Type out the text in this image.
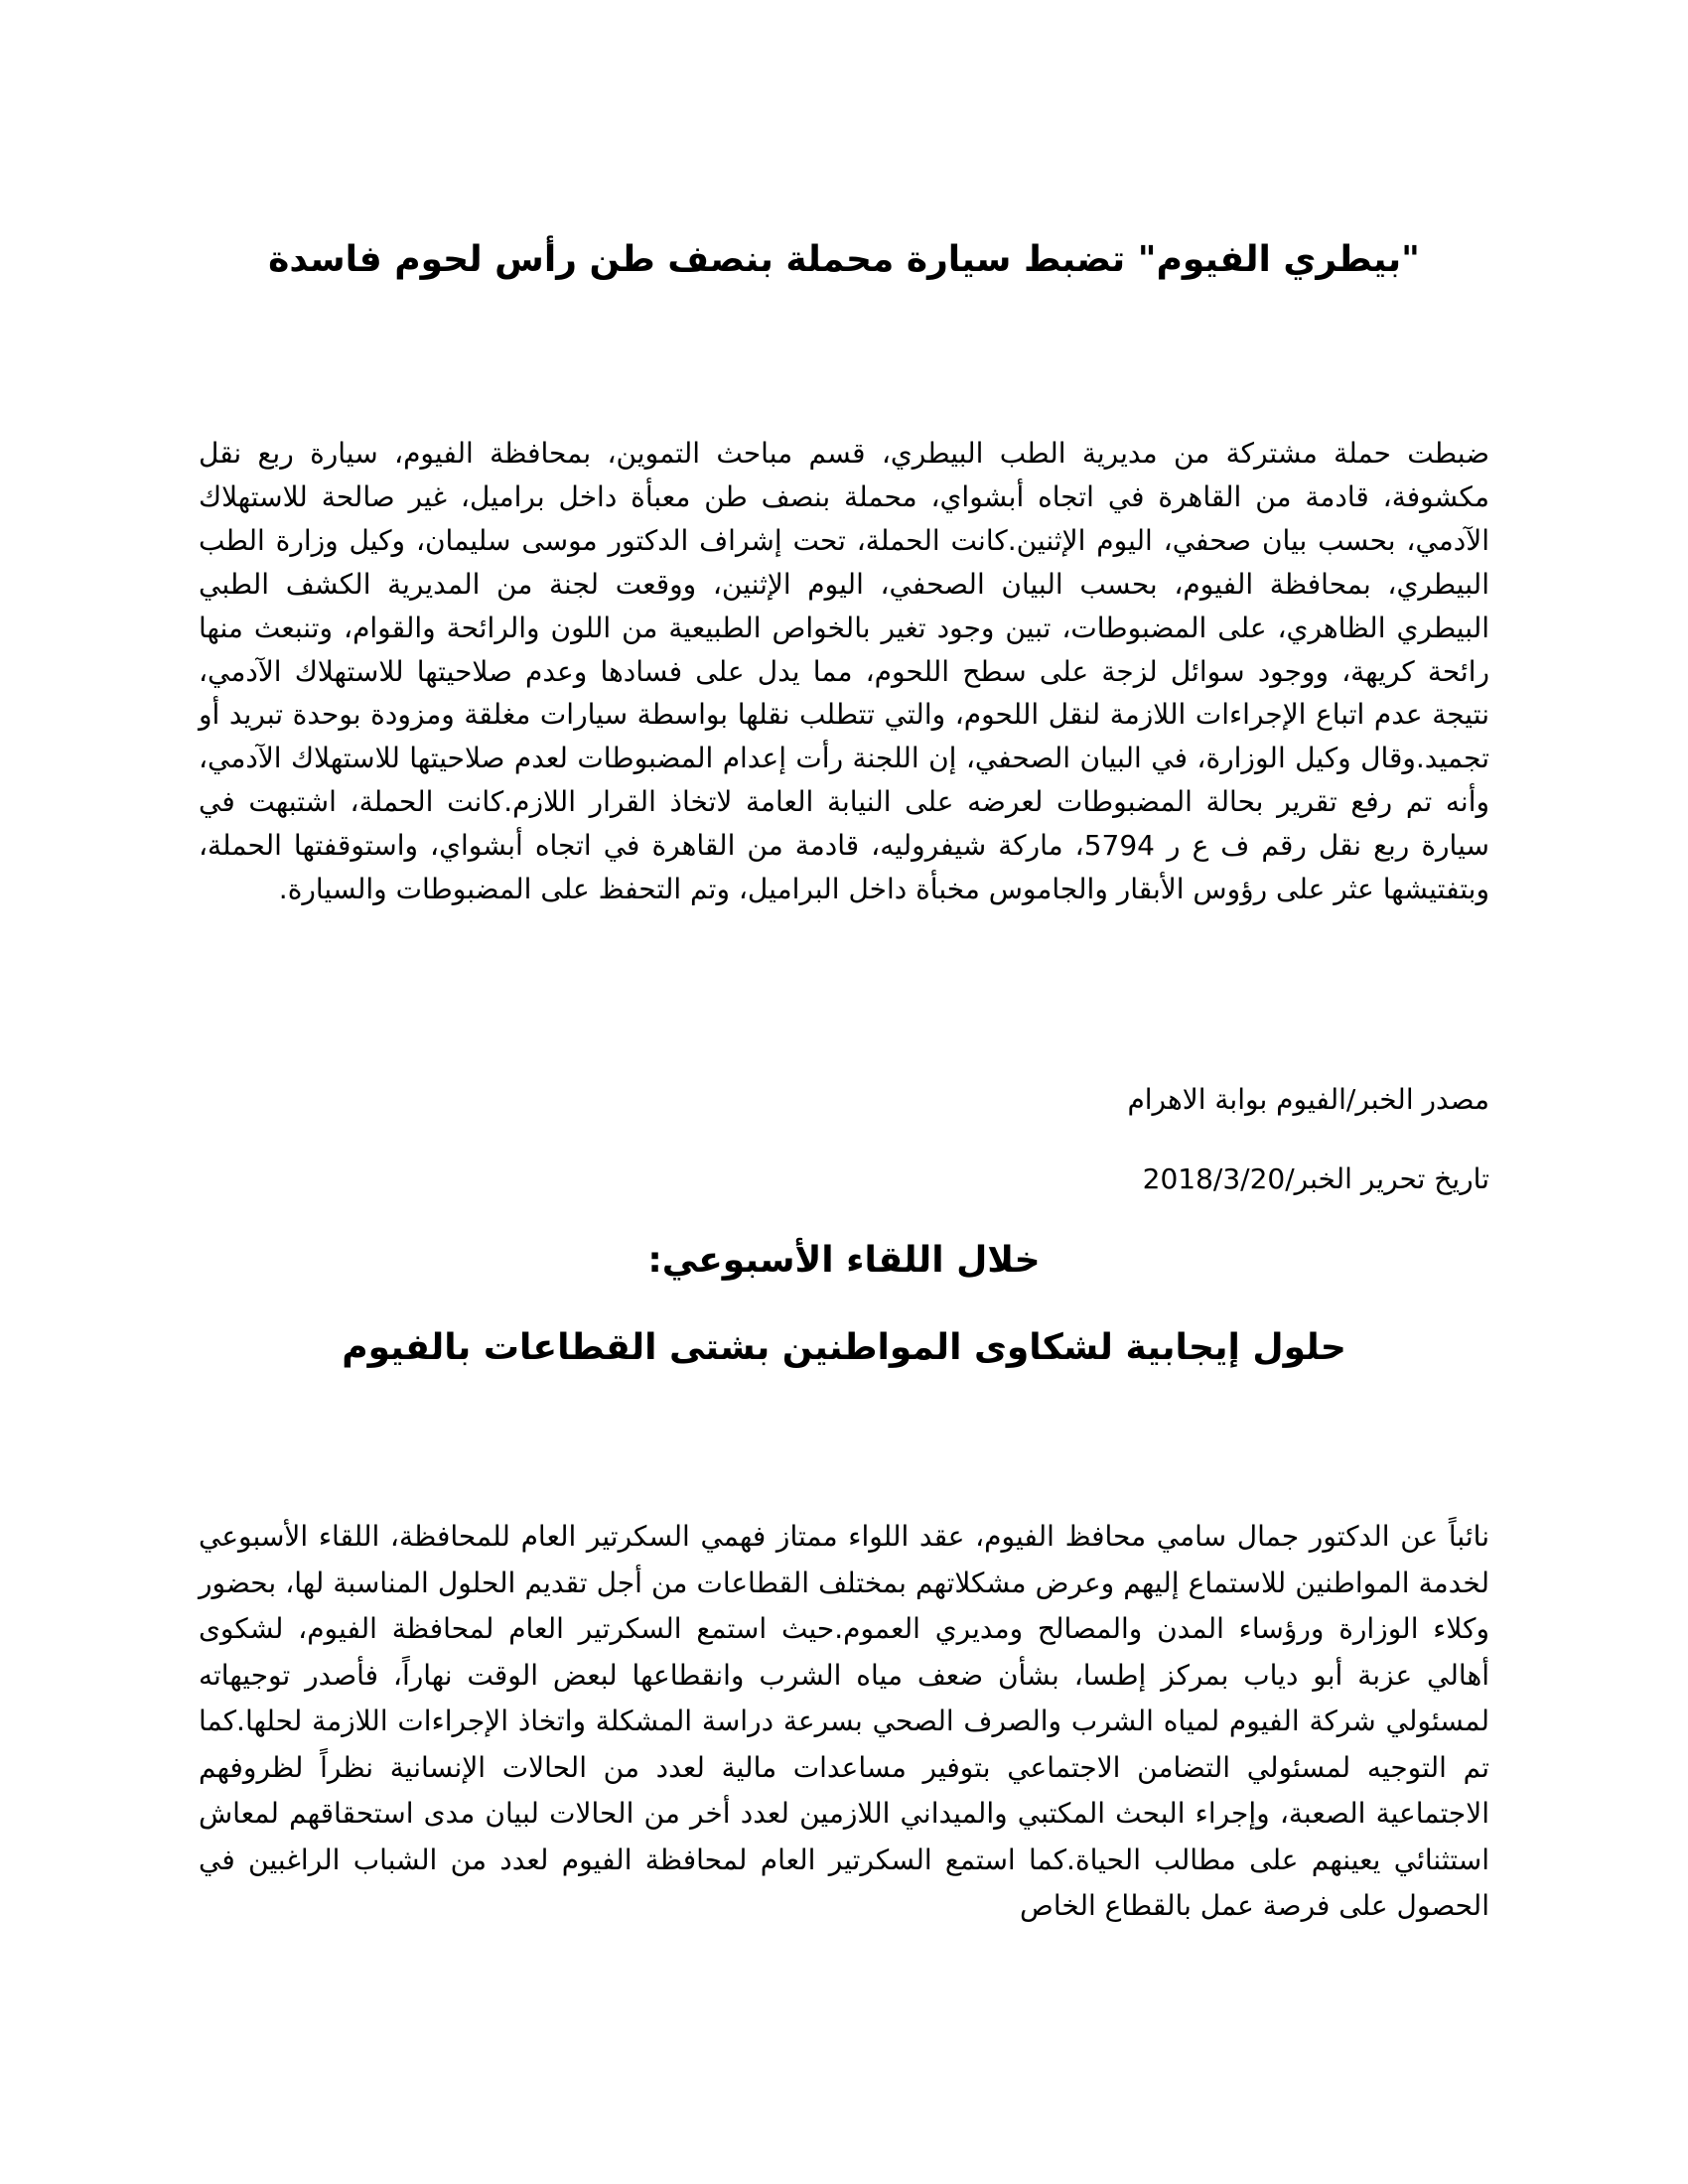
"بيطري الفيوم" تضبط سيارة محملة بنصف طن رأس لحوم فاسدة

ضبطت حملة مشتركة من مديرية الطب البيطري، قسم مباحث التموين، بمحافظة الفيوم، سيارة ربع نقل مكشوفة، قادمة من القاهرة في اتجاه أبشواي، محملة بنصف طن معبأة داخل براميل، غير صالحة للاستهلاك الآدمي، بحسب بيان صحفي، اليوم الإثنين.كانت الحملة، تحت إشراف الدكتور موسى سليمان، وكيل وزارة الطب البيطري، بمحافظة الفيوم، بحسب البيان الصحفي، اليوم الإثنين، ووقعت لجنة من المديرية الكشف الطبي البيطري الظاهري، على المضبوطات، تبين وجود تغير بالخواص الطبيعية من اللون والرائحة والقوام، وتنبعث منها رائحة كريهة، ووجود سوائل لزجة على سطح اللحوم، مما يدل على فسادها وعدم صلاحيتها للاستهلاك الآدمي، نتيجة عدم اتباع الإجراءات اللازمة لنقل اللحوم، والتي تتطلب نقلها بواسطة سيارات مغلقة ومزودة بوحدة تبريد أو تجميد.وقال وكيل الوزارة، في البيان الصحفي، إن اللجنة رأت إعدام المضبوطات لعدم صلاحيتها للاستهلاك الآدمي، وأنه تم رفع تقرير بحالة المضبوطات لعرضه على النيابة العامة لاتخاذ القرار اللازم.كانت الحملة، اشتبهت في سيارة ربع نقل رقم ف ع ر 5794، ماركة شيفروليه، قادمة من القاهرة في اتجاه أبشواي، واستوقفتها الحملة، وبتفتيشها عثر على رؤوس الأبقار والجاموس مخبأة داخل البراميل، وتم التحفظ على المضبوطات والسيارة.

مصدر الخبر/الفيوم بوابة الاهرام

تاريخ تحرير الخبر/2018/3/20

خلال اللقاء الأسبوعي:
حلول إيجابية لشكاوى المواطنين بشتى القطاعات بالفيوم

نائباً عن الدكتور جمال سامي محافظ الفيوم، عقد اللواء ممتاز فهمي السكرتير العام للمحافظة، اللقاء الأسبوعي لخدمة المواطنين للاستماع إليهم وعرض مشكلاتهم بمختلف القطاعات من أجل تقديم الحلول المناسبة لها، بحضور وكلاء الوزارة ورؤساء المدن والمصالح ومديري العموم.حيث استمع السكرتير العام لمحافظة الفيوم، لشكوى أهالي عزبة أبو دياب بمركز إطسا، بشأن ضعف مياه الشرب وانقطاعها لبعض الوقت نهاراً، فأصدر توجيهاته لمسئولي شركة الفيوم لمياه الشرب والصرف الصحي بسرعة دراسة المشكلة واتخاذ الإجراءات اللازمة لحلها.كما تم التوجيه لمسئولي التضامن الاجتماعي بتوفير مساعدات مالية لعدد من الحالات الإنسانية نظراً لظروفهم الاجتماعية الصعبة، وإجراء البحث المكتبي والميداني اللازمين لعدد أخر من الحالات لبيان مدى استحقاقهم لمعاش استثنائي يعينهم على مطالب الحياة.كما استمع السكرتير العام لمحافظة الفيوم لعدد من الشباب الراغبين في الحصول على فرصة عمل بالقطاع الخاص
